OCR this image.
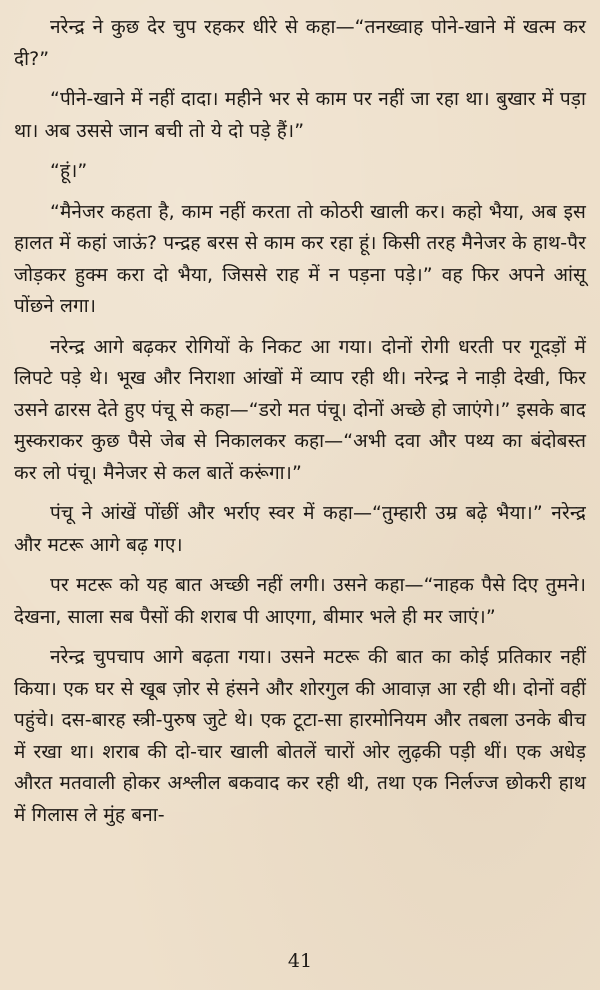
नरेन्द्र ने कुछ देर चुप रहकर धीरे से कहा—“तनख्वाह पोने-खाने में खत्म कर दी?”

“पीने-खाने में नहीं दादा। महीने भर से काम पर नहीं जा रहा था। बुखार में पड़ा था। अब उससे जान बची तो ये दो पड़े हैं।”

“हूं।”

“मैनेजर कहता है, काम नहीं करता तो कोठरी खाली कर। कहो भैया, अब इस हालत में कहां जाऊं? पन्द्रह बरस से काम कर रहा हूं। किसी तरह मैनेजर के हाथ-पैर जोड़कर हुक्म करा दो भैया, जिससे राह में न पड़ना पड़े।” वह फिर अपने आंसू पोंछने लगा।

नरेन्द्र आगे बढ़कर रोगियों के निकट आ गया। दोनों रोगी धरती पर गूदड़ों में लिपटे पड़े थे। भूख और निराशा आंखों में व्याप रही थी। नरेन्द्र ने नाड़ी देखी, फिर उसने ढारस देते हुए पंचू से कहा—“डरो मत पंचू। दोनों अच्छे हो जाएंगे।” इसके बाद मुस्कराकर कुछ पैसे जेब से निकालकर कहा—“अभी दवा और पथ्य का बंदोबस्त कर लो पंचू। मैनेजर से कल बातें करूंगा।”

पंचू ने आंखें पोंछीं और भर्राए स्वर में कहा—“तुम्हारी उम्र बढ़े भैया।” नरेन्द्र और मटरू आगे बढ़ गए।

पर मटरू को यह बात अच्छी नहीं लगी। उसने कहा—“नाहक पैसे दिए तुमने। देखना, साला सब पैसों की शराब पी आएगा, बीमार भले ही मर जाएं।”

नरेन्द्र चुपचाप आगे बढ़ता गया। उसने मटरू की बात का कोई प्रतिकार नहीं किया। एक घर से खूब ज़ोर से हंसने और शोरगुल की आवाज़ आ रही थी। दोनों वहीं पहुंचे। दस-बारह स्त्री-पुरुष जुटे थे। एक टूटा-सा हारमोनियम और तबला उनके बीच में रखा था। शराब की दो-चार खाली बोतलें चारों ओर लुढ़की पड़ी थीं। एक अधेड़ औरत मतवाली होकर अश्लील बकवाद कर रही थी, तथा एक निर्लज्ज छोकरी हाथ में गिलास ले मुंह बना-

41
